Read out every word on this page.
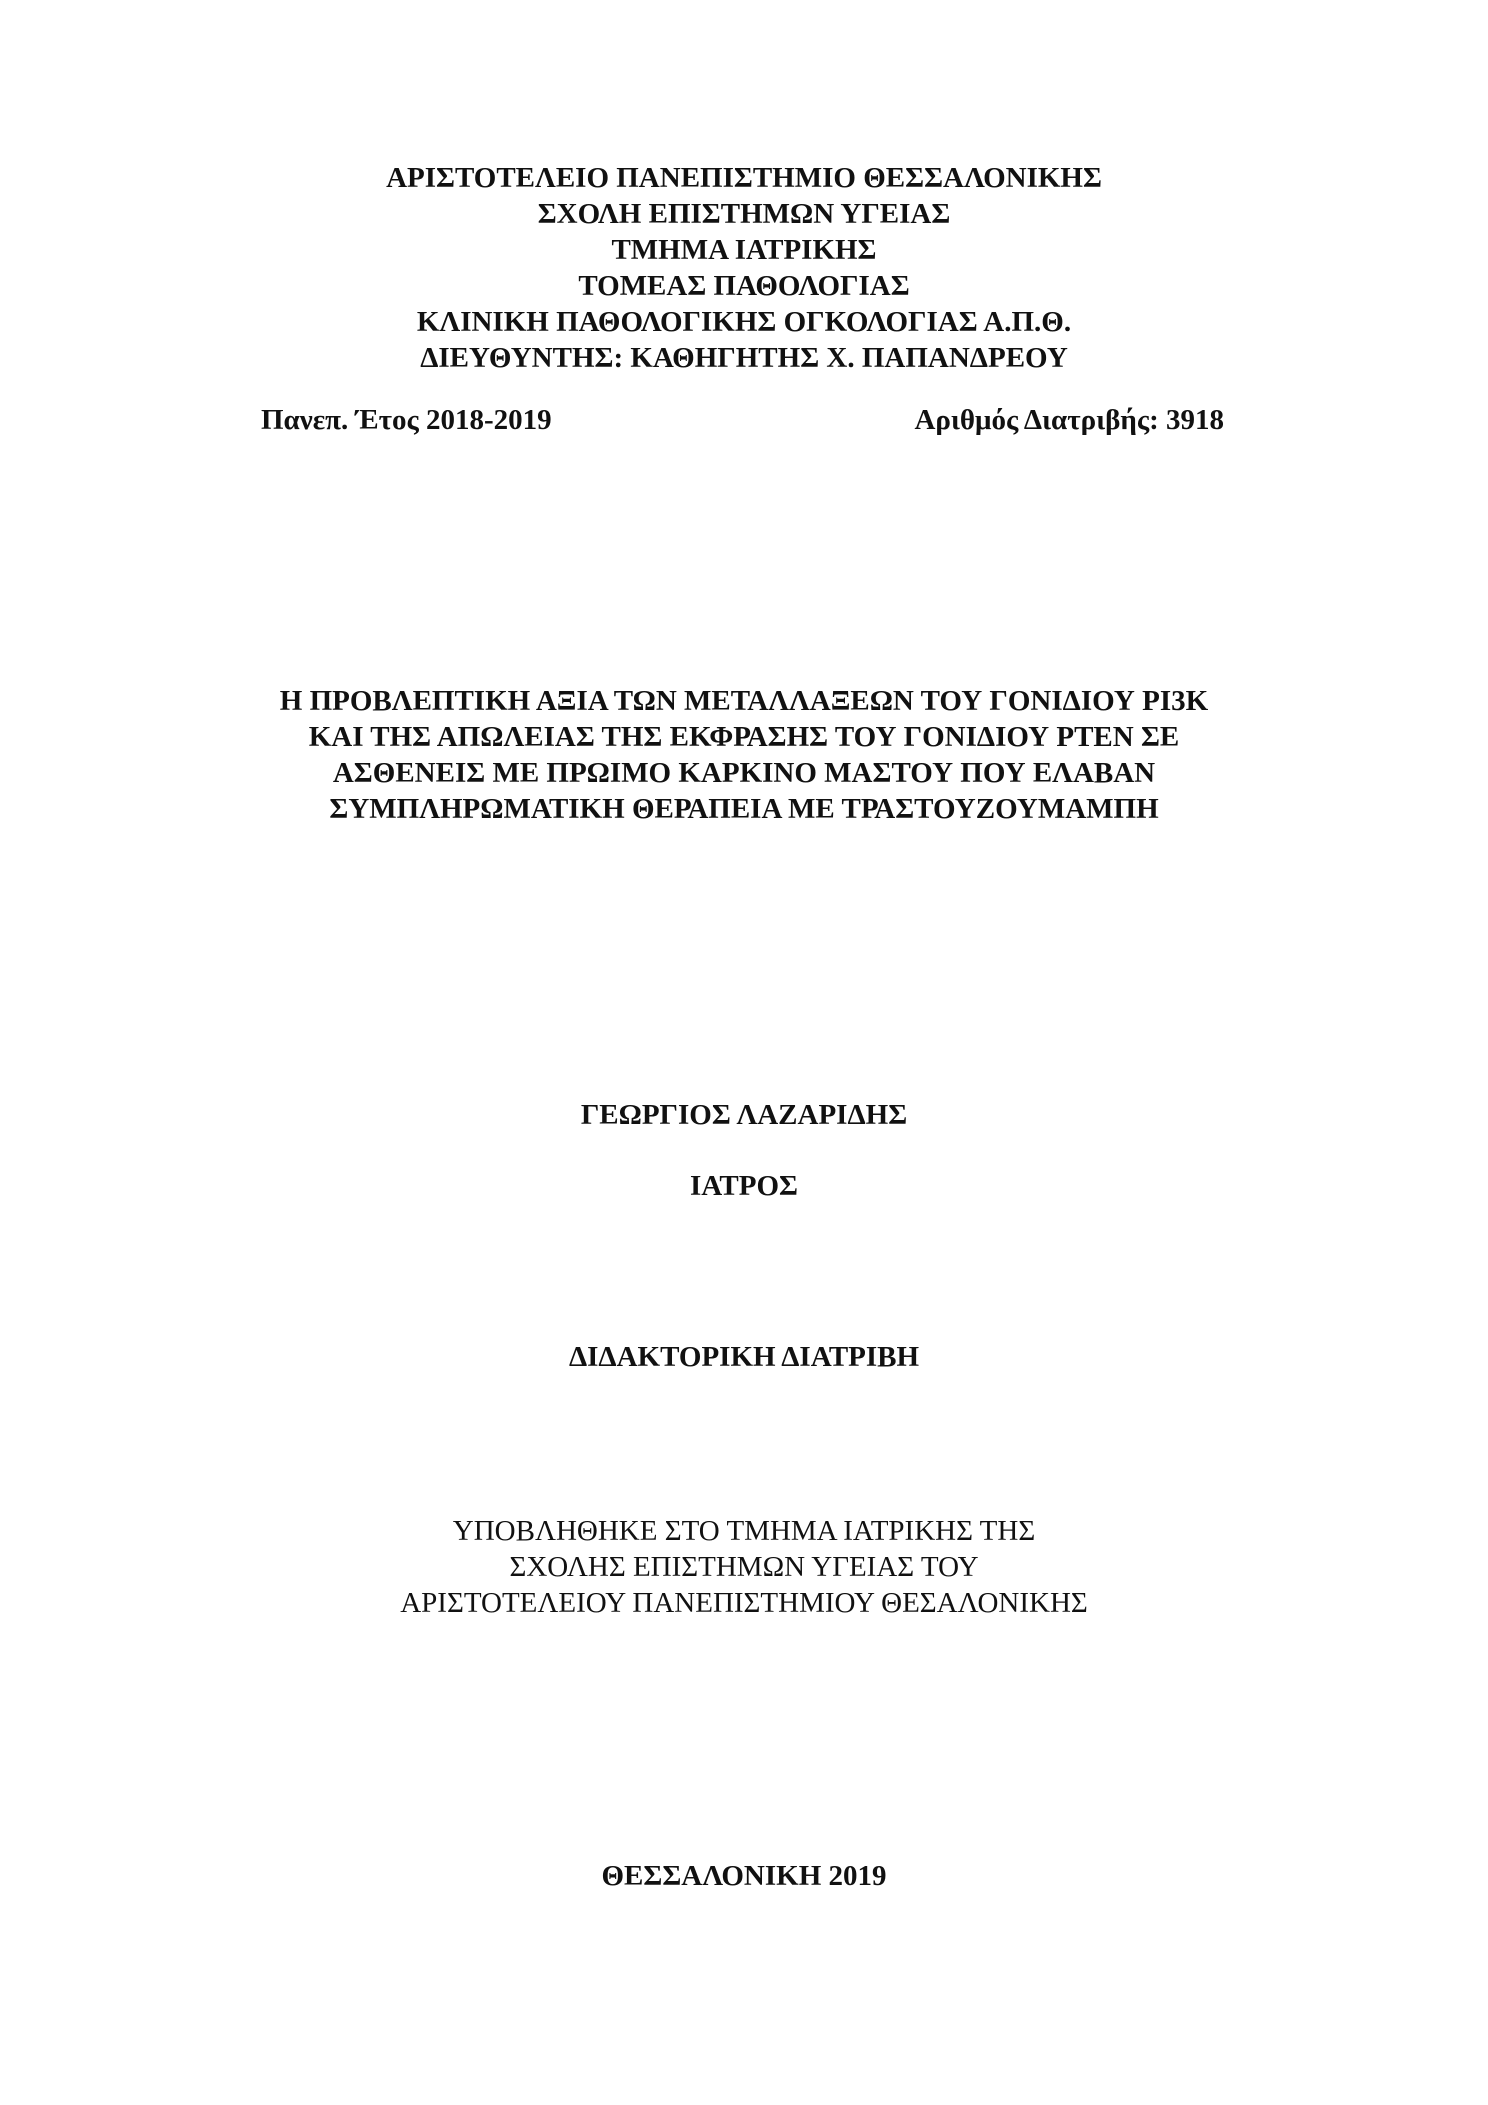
ΑΡΙΣΤΟΤΕΛΕΙΟ ΠΑΝΕΠΙΣΤΗΜΙΟ ΘΕΣΣΑΛΟΝΙΚΗΣ
ΣΧΟΛΗ ΕΠΙΣΤΗΜΩΝ ΥΓΕΙΑΣ
ΤΜΗΜΑ ΙΑΤΡΙΚΗΣ
ΤΟΜΕΑΣ ΠΑΘΟΛΟΓΙΑΣ
ΚΛΙΝΙΚΗ ΠΑΘΟΛΟΓΙΚΗΣ ΟΓΚΟΛΟΓΙΑΣ Α.Π.Θ.
ΔΙΕΥΘΥΝΤΗΣ: ΚΑΘΗΓΗΤΗΣ Χ. ΠΑΠΑΝΔΡΕΟΥ
Πανεπ. Έτος 2018-2019	Αριθμός Διατριβής: 3918
Η ΠΡΟΒΛΕΠΤΙΚΗ ΑΞΙΑ ΤΩΝ ΜΕΤΑΛΛΑΞΕΩΝ ΤΟΥ ΓΟΝΙΔΙΟΥ PI3K
ΚΑΙ ΤΗΣ ΑΠΩΛΕΙΑΣ ΤΗΣ ΕΚΦΡΑΣΗΣ ΤΟΥ ΓΟΝΙΔΙΟΥ PTEN ΣΕ
ΑΣΘΕΝΕΙΣ ΜΕ ΠΡΩΙΜΟ ΚΑΡΚΙΝΟ ΜΑΣΤΟΥ ΠΟΥ ΕΛΑΒΑΝ
ΣΥΜΠΛΗΡΩΜΑΤΙΚΗ ΘΕΡΑΠΕΙΑ ΜΕ ΤΡΑΣΤΟΥΖΟΥΜΑΜΠΗ
ΓΕΩΡΓΙΟΣ ΛΑΖΑΡΙΔΗΣ
ΙΑΤΡΟΣ
ΔΙΔΑΚΤΟΡΙΚΗ ΔΙΑΤΡΙΒΗ
ΥΠΟΒΛΗΘΗΚΕ ΣΤΟ ΤΜΗΜΑ ΙΑΤΡΙΚΗΣ ΤΗΣ
ΣΧΟΛΗΣ ΕΠΙΣΤΗΜΩΝ ΥΓΕΙΑΣ ΤΟΥ
ΑΡΙΣΤΟΤΕΛΕΙΟΥ ΠΑΝΕΠΙΣΤΗΜΙΟΥ ΘΕΣΑΛΟΝΙΚΗΣ
ΘΕΣΣΑΛΟΝΙΚΗ 2019
